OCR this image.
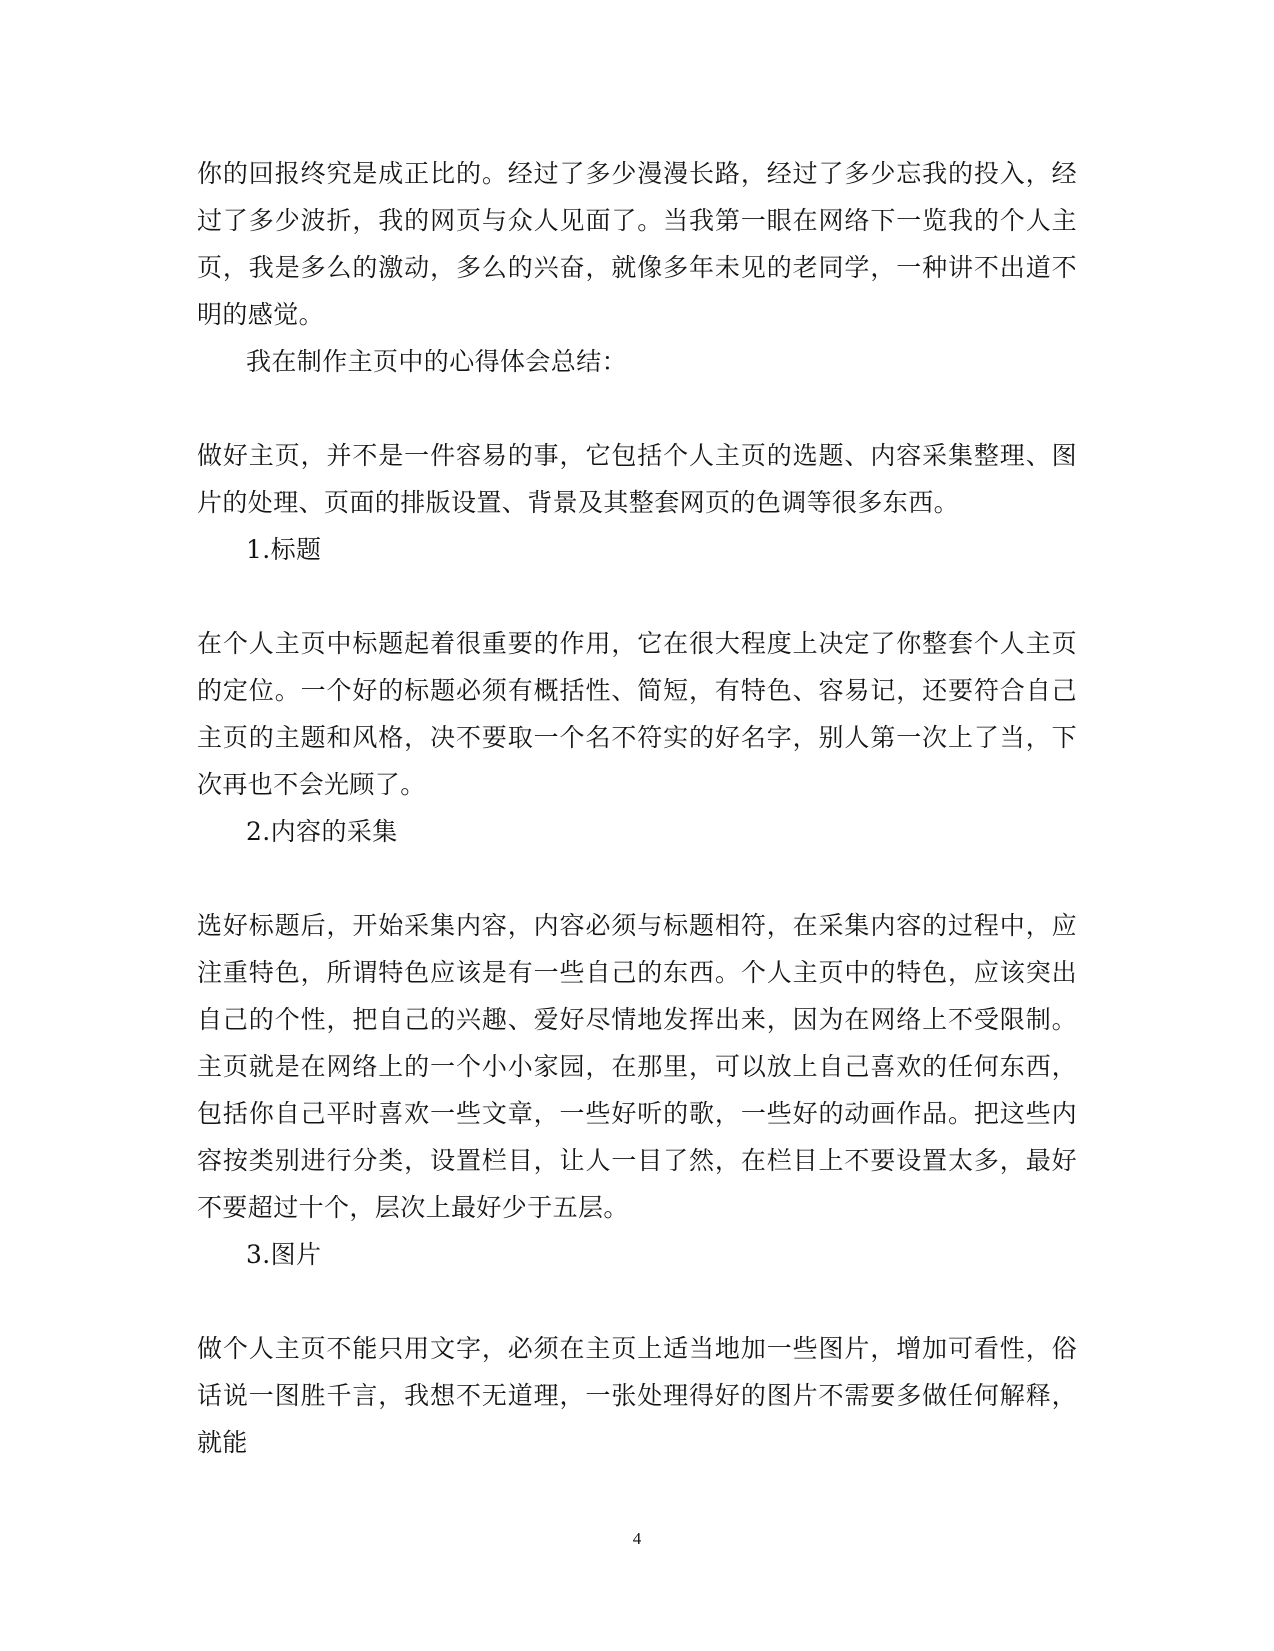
你的回报终究是成正比的。经过了多少漫漫长路，经过了多少忘我的投入，经过了多少波折，我的网页与众人见面了。当我第一眼在网络下一览我的个人主页，我是多么的激动，多么的兴奋，就像多年未见的老同学，一种讲不出道不明的感觉。

我在制作主页中的心得体会总结：

做好主页，并不是一件容易的事，它包括个人主页的选题、内容采集整理、图片的处理、页面的排版设置、背景及其整套网页的色调等很多东西。

1.标题

在个人主页中标题起着很重要的作用，它在很大程度上决定了你整套个人主页的定位。一个好的标题必须有概括性、简短，有特色、容易记，还要符合自己主页的主题和风格，决不要取一个名不符实的好名字，别人第一次上了当，下次再也不会光顾了。

2.内容的采集

选好标题后，开始采集内容，内容必须与标题相符，在采集内容的过程中，应注重特色，所谓特色应该是有一些自己的东西。个人主页中的特色，应该突出自己的个性，把自己的兴趣、爱好尽情地发挥出来，因为在网络上不受限制。主页就是在网络上的一个小小家园，在那里，可以放上自己喜欢的任何东西，包括你自己平时喜欢一些文章，一些好听的歌，一些好的动画作品。把这些内容按类别进行分类，设置栏目，让人一目了然，在栏目上不要设置太多，最好不要超过十个，层次上最好少于五层。

3.图片

做个人主页不能只用文字，必须在主页上适当地加一些图片，增加可看性，俗话说一图胜千言，我想不无道理，一张处理得好的图片不需要多做任何解释，就能

4
